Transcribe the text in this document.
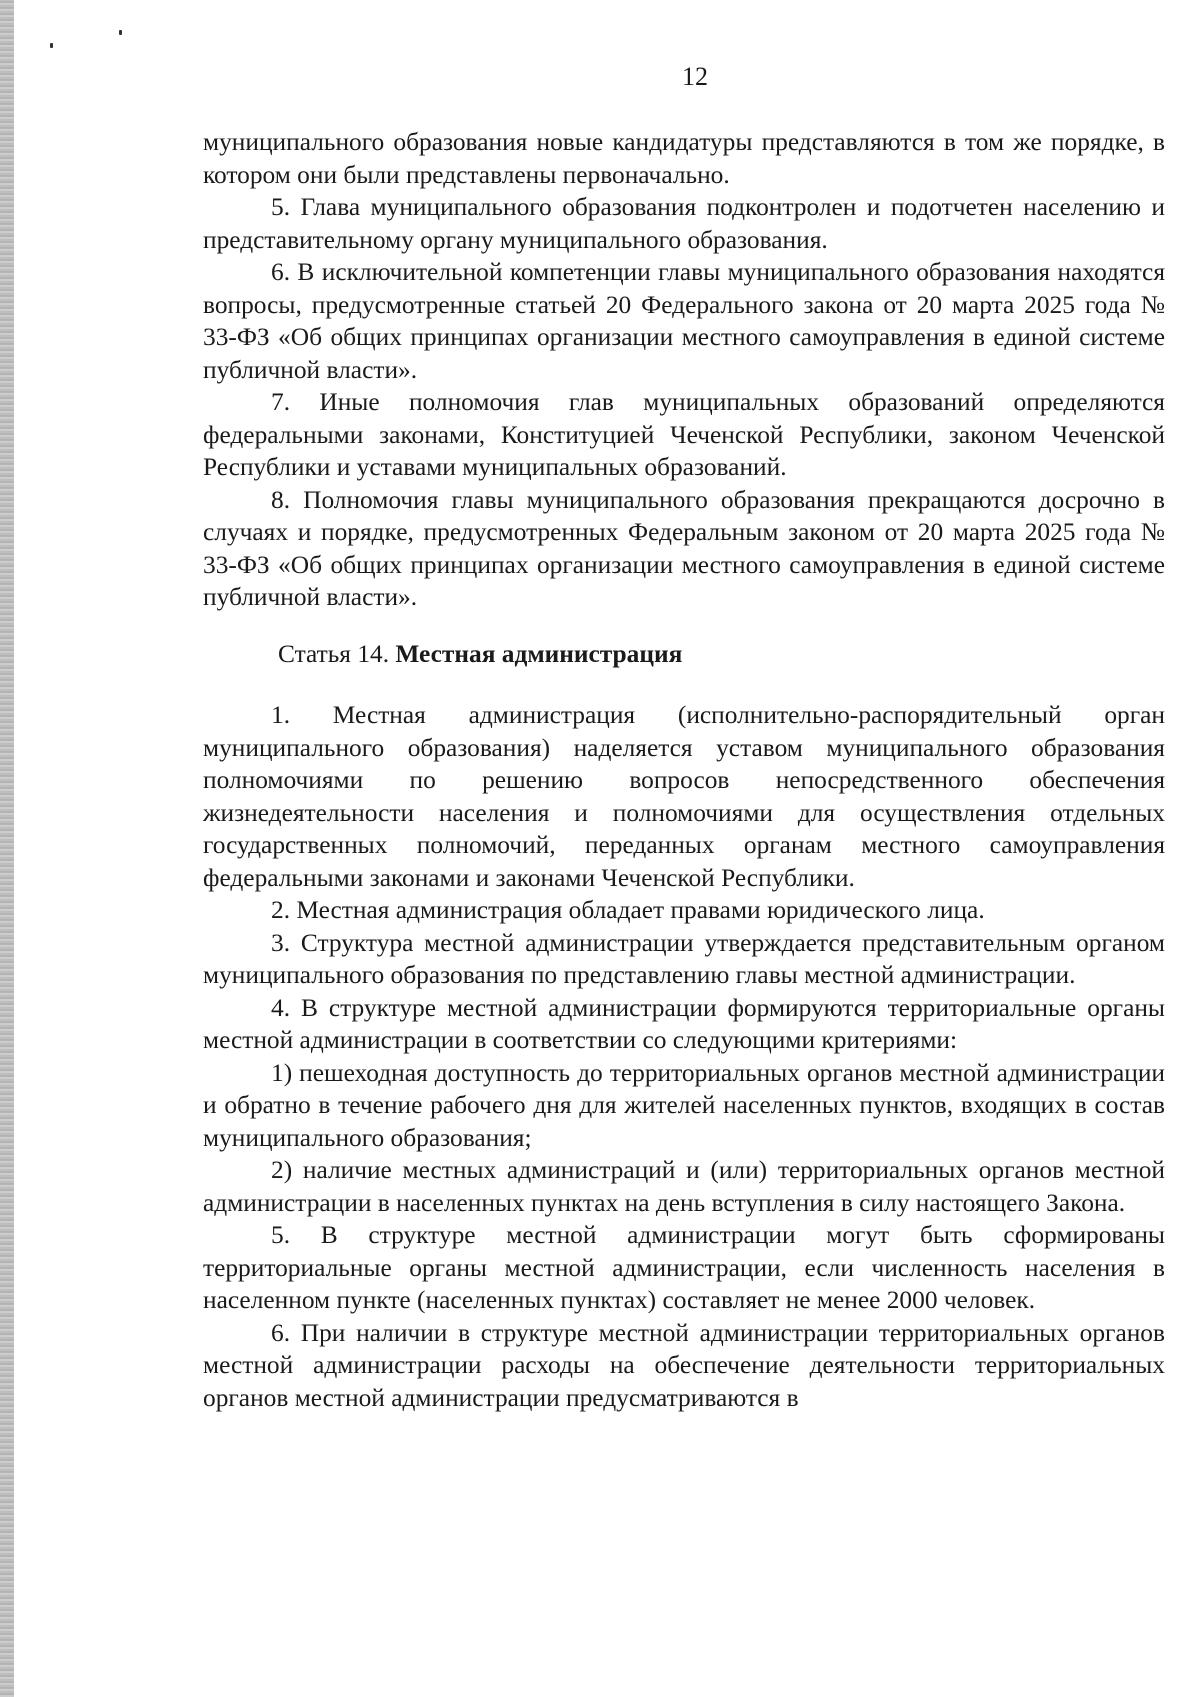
12

муниципального образования новые кандидатуры представляются в том же порядке, в котором они были представлены первоначально.

5. Глава муниципального образования подконтролен и подотчетен населению и представительному органу муниципального образования.

6. В исключительной компетенции главы муниципального образования находятся вопросы, предусмотренные статьей 20 Федерального закона от 20 марта 2025 года № 33-ФЗ «Об общих принципах организации местного самоуправления в единой системе публичной власти».

7. Иные полномочия глав муниципальных образований определяются федеральными законами, Конституцией Чеченской Республики, законом Чеченской Республики и уставами муниципальных образований.

8. Полномочия главы муниципального образования прекращаются досрочно в случаях и порядке, предусмотренных Федеральным законом от 20 марта 2025 года № 33-ФЗ «Об общих принципах организации местного самоуправления в единой системе публичной власти».

Статья 14. Местная администрация

1. Местная администрация (исполнительно-распорядительный орган муниципального образования) наделяется уставом муниципального образования полномочиями по решению вопросов непосредственного обеспечения жизнедеятельности населения и полномочиями для осуществления отдельных государственных полномочий, переданных органам местного самоуправления федеральными законами и законами Чеченской Республики.

2. Местная администрация обладает правами юридического лица.

3. Структура местной администрации утверждается представительным органом муниципального образования по представлению главы местной администрации.

4. В структуре местной администрации формируются территориальные органы местной администрации в соответствии со следующими критериями:

1) пешеходная доступность до территориальных органов местной администрации и обратно в течение рабочего дня для жителей населенных пунктов, входящих в состав муниципального образования;

2) наличие местных администраций и (или) территориальных органов местной администрации в населенных пунктах на день вступления в силу настоящего Закона.

5. В структуре местной администрации могут быть сформированы территориальные органы местной администрации, если численность населения в населенном пункте (населенных пунктах) составляет не менее 2000 человек.

6. При наличии в структуре местной администрации территориальных органов местной администрации расходы на обеспечение деятельности территориальных органов местной администрации предусматриваются в
